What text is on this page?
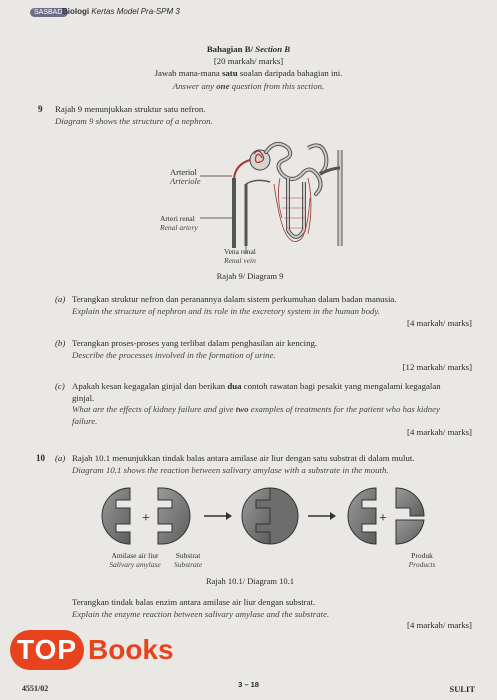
SASBADI
Biologi Kertas Model Pra-SPM 3
Bahagian B/ Section B
[20 markah/ marks]
Jawab mana-mana satu soalan daripada bahagian ini.
Answer any one question from this section.
9 Rajah 9 menunjukkan struktur satu nefron.
Diagram 9 shows the structure of a nephron.
Arteriol
Arteriole
Arteri renal
Renal artery
Vena renal
Renal vein
Rajah 9/ Diagram 9
(a) Terangkan struktur nefron dan peranannya dalam sistem perkumuhan dalam badan manusia.
Explain the structure of nephron and its role in the excretory system in the human body.
[4 markah/ marks]
(b) Terangkan proses-proses yang terlibat dalam penghasilan air kencing.
Describe the processes involved in the formation of urine.
[12 markah/ marks]
(c) Apakah kesan kegagalan ginjal dan berikan dua contoh rawatan bagi pesakit yang mengalami kegagalan
ginjal.
What are the effects of kidney failure and give two examples of treatments for the patient who has kidney
failure.
[4 markah/ marks]
10 (a) Rajah 10.1 menunjukkan tindak balas antara amilase air liur dengan satu substrat di dalam mulut.
Diagram 10.1 shows the reaction between salivary amylase with a substrate in the mouth.
+	+
Amilase air liur
Salivary amylase
Substrat
Substrate
Produk
Products
Rajah 10.1/ Diagram 10.1
Terangkan tindak balas enzim antara amilase air liur dengan substrat.
Explain the enzyme reaction between salivary amylase and the substrate.
[4 markah/ marks]
TOP Books
4551/02	3 – 18	SULIT
